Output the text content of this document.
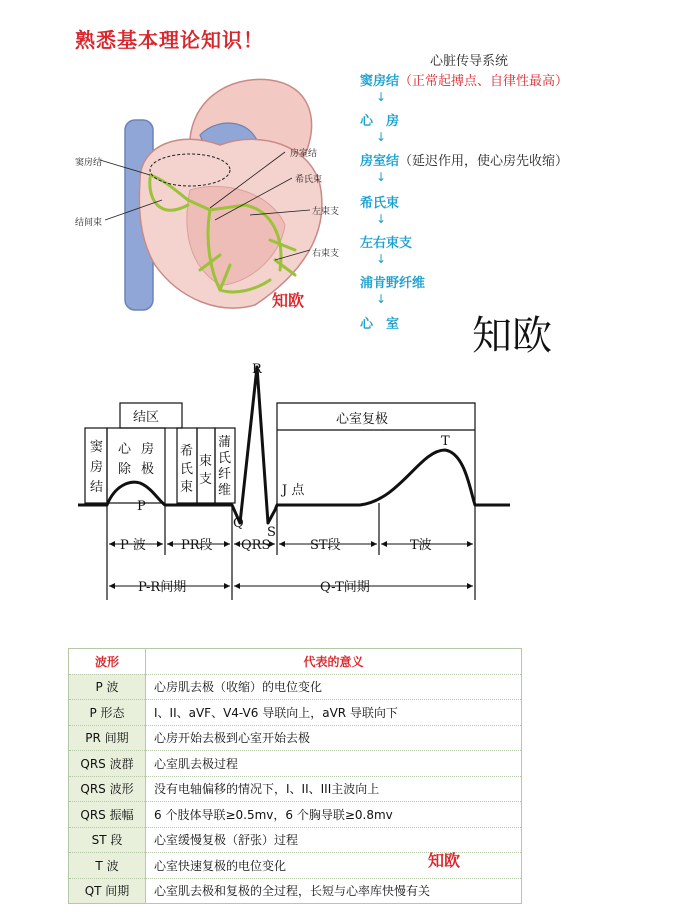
熟悉基本理论知识！
窦房结
结间束
房室结
希氏束
左束支
右束支
知欧
心脏传导系统
窦房结（正常起搏点、自律性最高）
↓
心　房
↓
房室结（延迟作用，使心房先收缩）
↓
希氏束
↓
左右束支
↓
浦肯野纤维
↓
心　室 知欧
结区	心室复极
窦
房
结
心
除
房
极
希
氏
束
束
支
蒲
氏
纤
维
P
R
Q
S
T
J 点
P 波	PR段 QRS	ST段	T波
P-R间期	Q-T间期
波形	代表的意义
P 波	心房肌去极（收缩）的电位变化
P 形态	I、II、aVF、V4-V6 导联向上，aVR 导联向下
PR 间期	心房开始去极到心室开始去极
QRS 波群	心室肌去极过程
QRS 波形	没有电轴偏移的情况下，I、II、III主波向上
QRS 振幅	6 个肢体导联≥0.5mv，6 个胸导联≥0.8mv
ST 段	心室缓慢复极（舒张）过程
T 波	心室快速复极的电位变化
QT 间期	心室肌去极和复极的全过程，长短与心率库快慢有关
知欧
